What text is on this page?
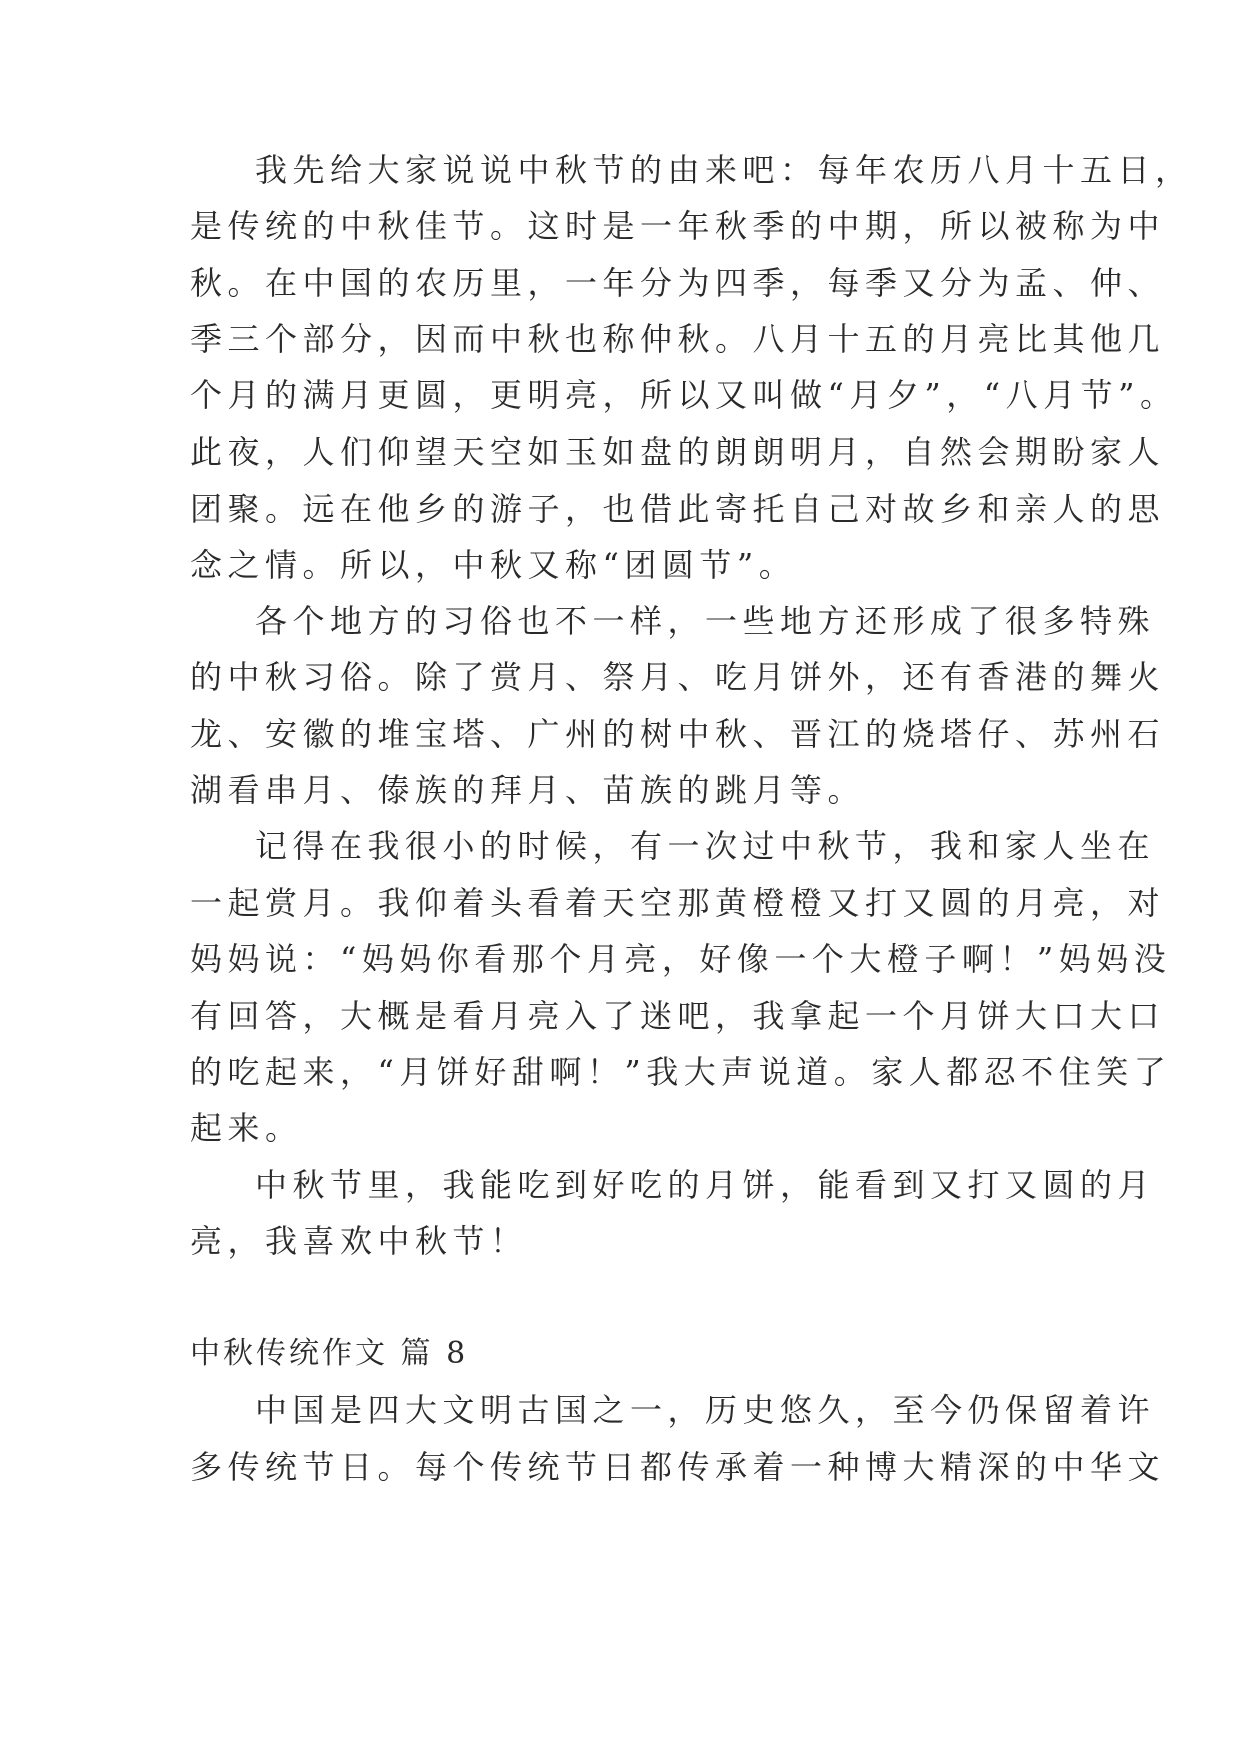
我先给大家说说中秋节的由来吧：每年农历八月十五日，
是传统的中秋佳节。这时是一年秋季的中期，所以被称为中
秋。在中国的农历里，一年分为四季，每季又分为孟、仲、
季三个部分，因而中秋也称仲秋。八月十五的月亮比其他几
个月的满月更圆，更明亮，所以又叫做“月夕”，“八月节”。
此夜，人们仰望天空如玉如盘的朗朗明月，自然会期盼家人
团聚。远在他乡的游子，也借此寄托自己对故乡和亲人的思
念之情。所以，中秋又称“团圆节”。
各个地方的习俗也不一样，一些地方还形成了很多特殊
的中秋习俗。除了赏月、祭月、吃月饼外，还有香港的舞火
龙、安徽的堆宝塔、广州的树中秋、晋江的烧塔仔、苏州石
湖看串月、傣族的拜月、苗族的跳月等。
记得在我很小的时候，有一次过中秋节，我和家人坐在
一起赏月。我仰着头看着天空那黄橙橙又打又圆的月亮，对
妈妈说：“妈妈你看那个月亮，好像一个大橙子啊！”妈妈没
有回答，大概是看月亮入了迷吧，我拿起一个月饼大口大口
的吃起来，“月饼好甜啊！”我大声说道。家人都忍不住笑了
起来。
中秋节里，我能吃到好吃的月饼，能看到又打又圆的月
亮，我喜欢中秋节！
中秋传统作文 篇 8
中国是四大文明古国之一，历史悠久，至今仍保留着许
多传统节日。每个传统节日都传承着一种博大精深的中华文
